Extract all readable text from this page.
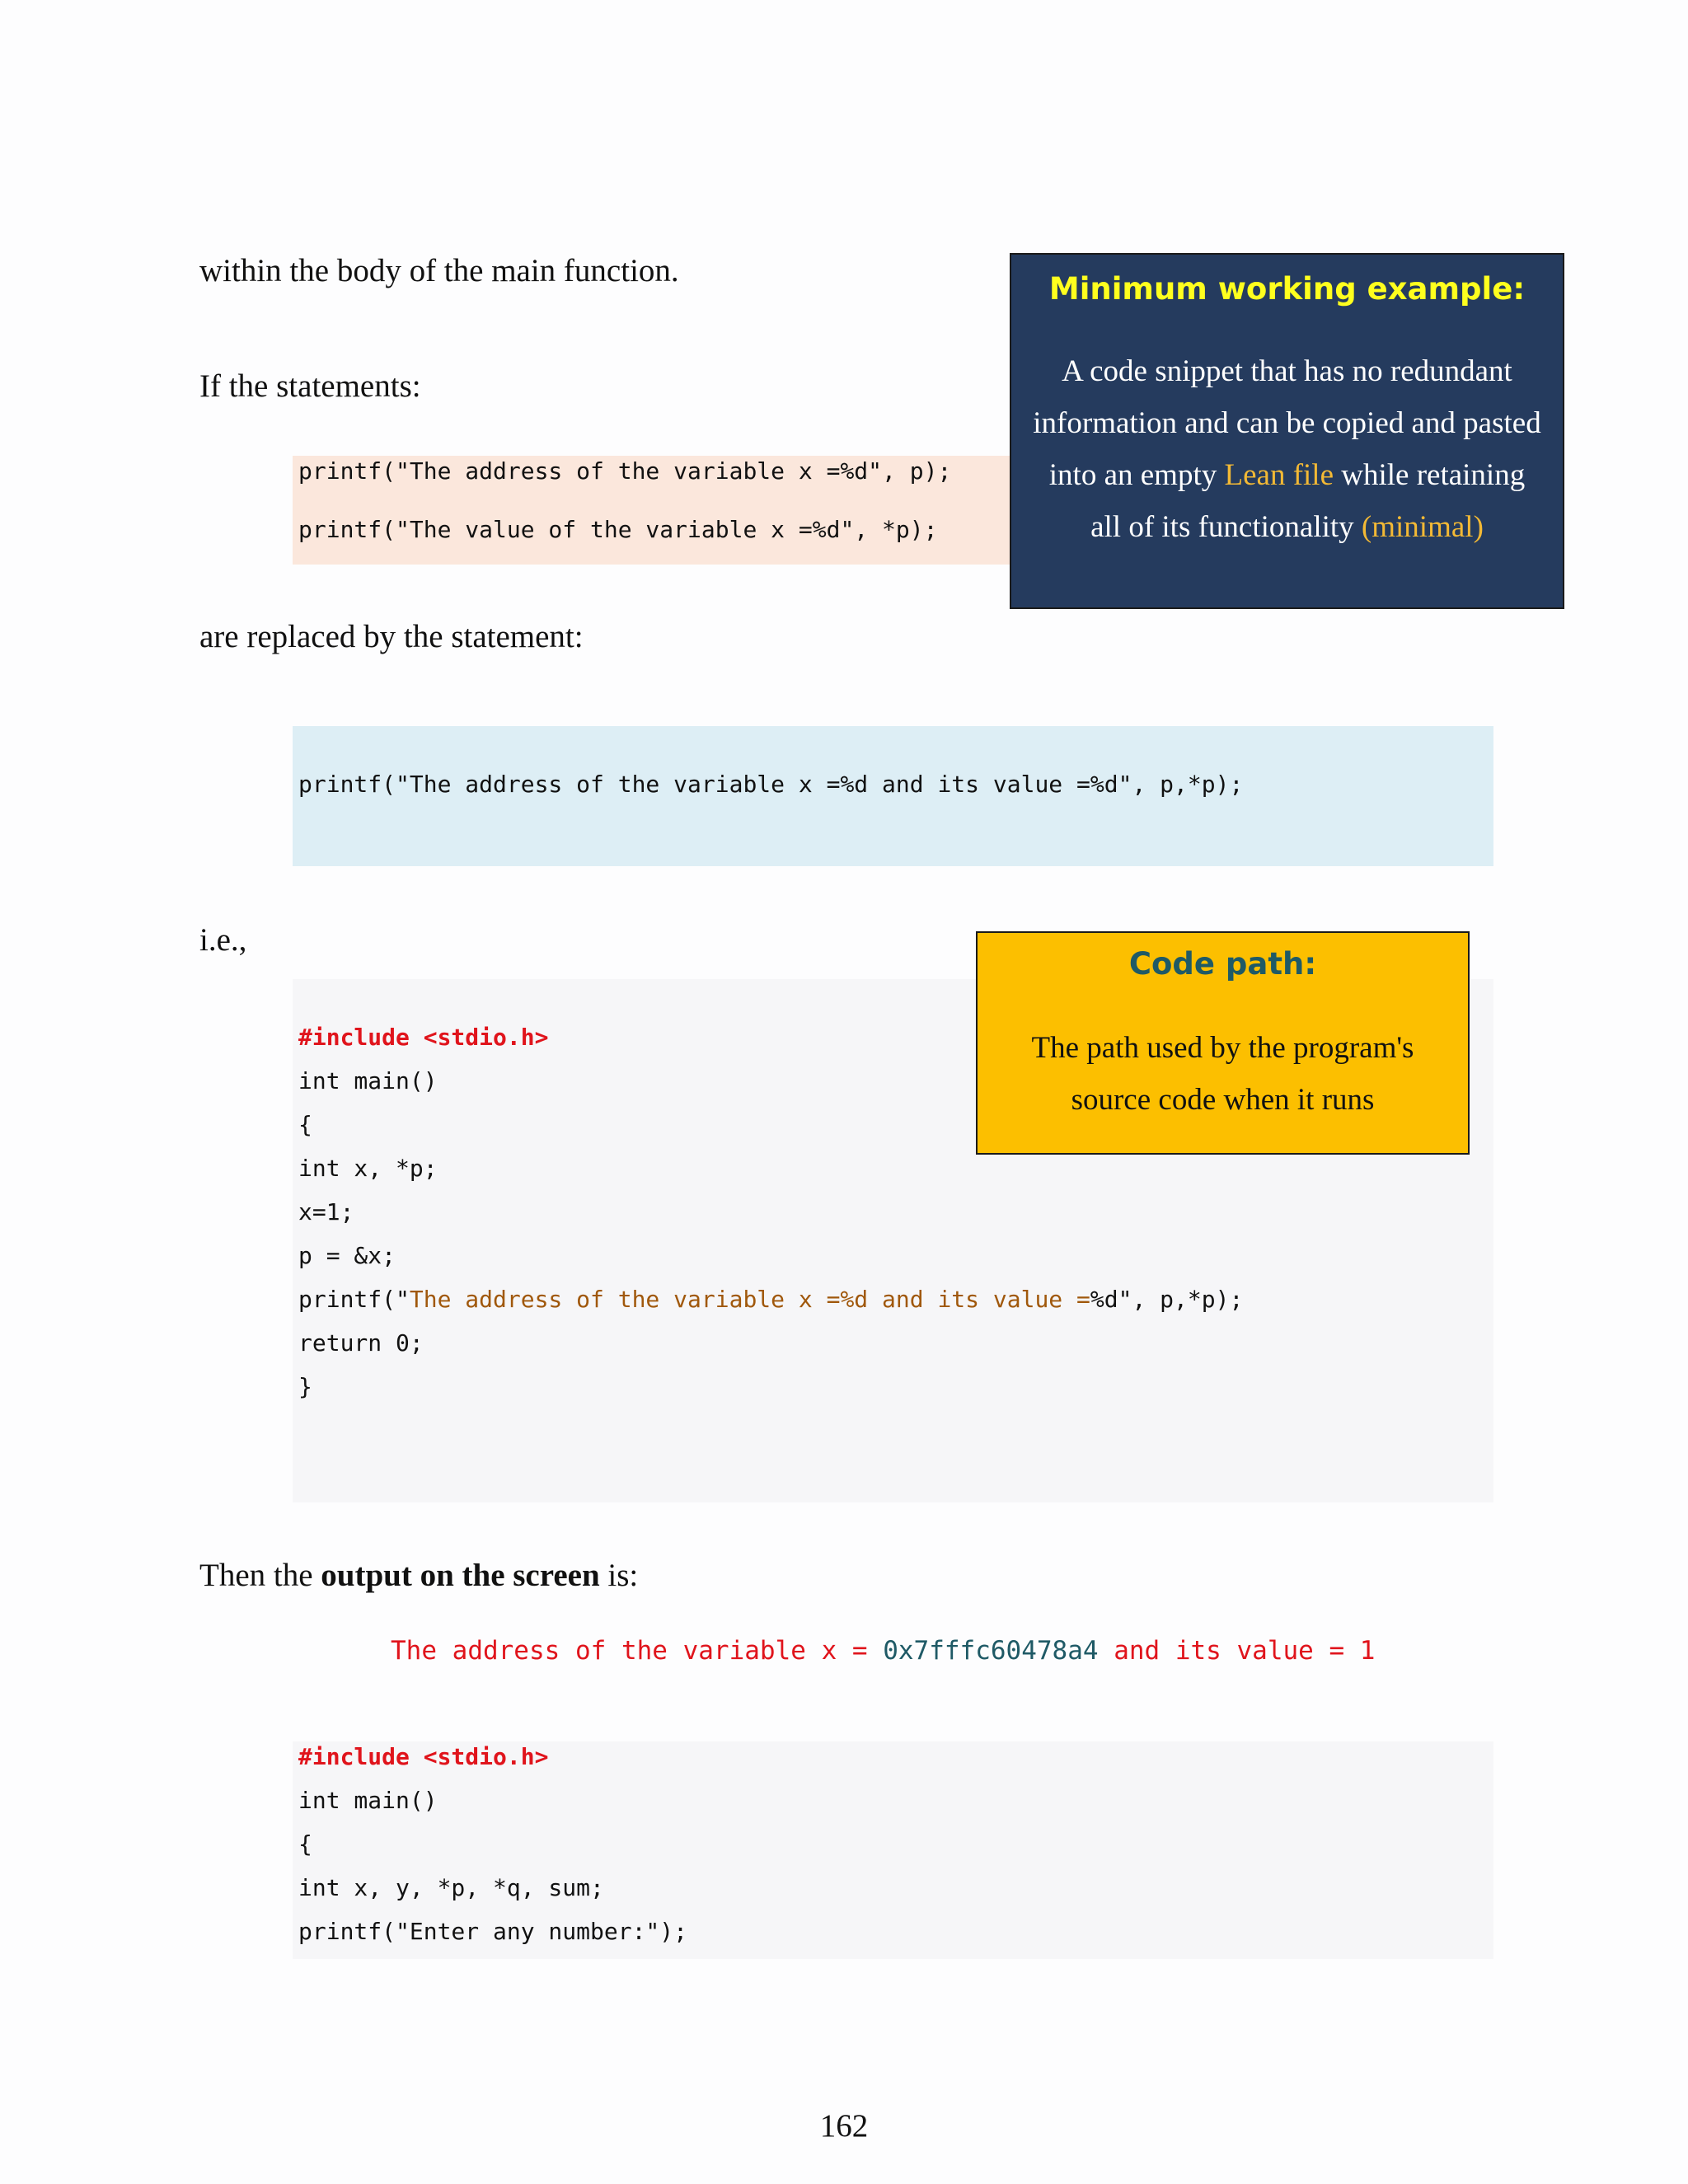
within the body of the main function.
If the statements:
printf("The address of the variable x =%d", p);
printf("The value of the variable x =%d", *p);
are replaced by the statement:
printf("The address of the variable x =%d and its value =%d", p,*p);
i.e.,
#include <stdio.h>
int main()
{
int x, *p;
x=1;
p = &x;
printf("The address of the variable x =%d and its value =%d", p,*p);
return 0;
}
Then the output on the screen is:
The address of the variable x = 0x7fffc60478a4 and its value = 1
#include <stdio.h>
int main()
{
int x, y, *p, *q, sum;
printf("Enter any number:");
Minimum working example:
A code snippet that has no redundant
information and can be copied and pasted
into an empty Lean file while retaining
all of its functionality (minimal)
Code path:
The path used by the program's
source code when it runs
162
